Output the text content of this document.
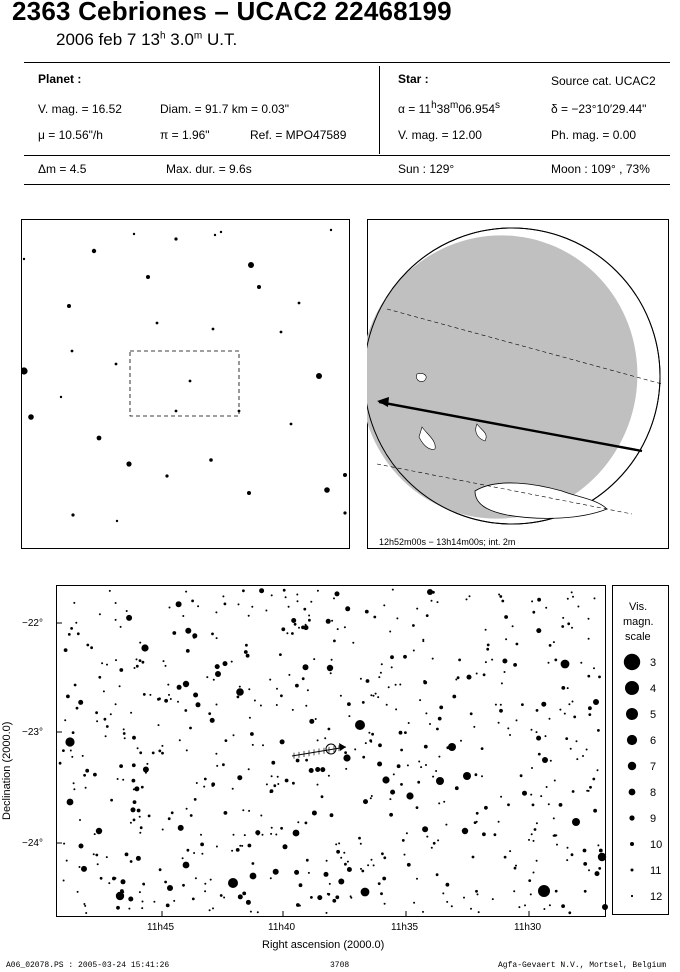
2363 Cebriones – UCAC2 22468199
2006 feb 7 13$^h$ 3.0$^m$ U.T.
Planet :
V. mag. = 16.52	Diam. = 91.7 km = 0.03"
μ = 10.56"/h	π = 1.96"	Ref. = MPO47589
Star :	Source cat. UCAC2
$\alpha = 11^h38^m06.954^s$	δ = −23°10′29.44"
V. mag. = 12.00	Ph. mag. = 0.00
Δm = 4.5	Max. dur. = 9.6s	Sun : 129°	Moon : 109° , 73%
12h52m00s − 13h14m00s; int. 2m
−22°
−23°
−24°
11h45	11h40	11h35	11h30
Right ascension (2000.0)
Declination (2000.0)
Vis.
magn.
scale
3
4
5
6
7
8
9
10
11
12
A06_02078.PS : 2005-03-24 15:41:26	3708	Agfa-Gevaert N.V., Mortsel, Belgium
